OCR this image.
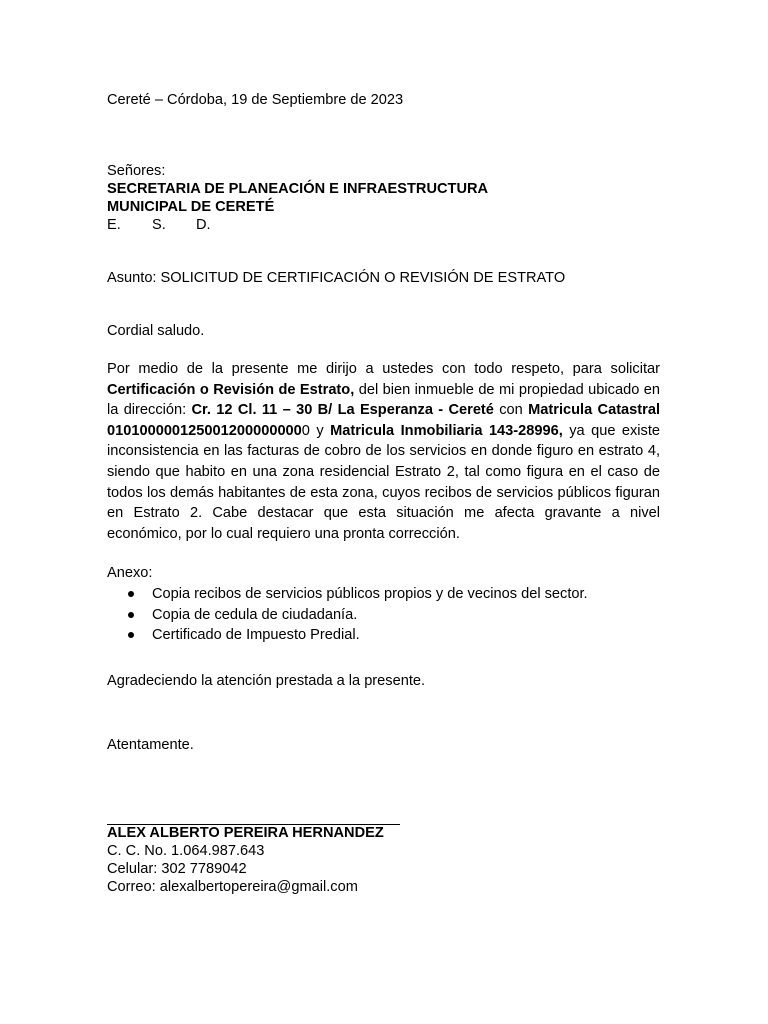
Cereté – Córdoba, 19 de Septiembre de 2023
Señores:
SECRETARIA DE PLANEACIÓN E INFRAESTRUCTURA
MUNICIPAL DE CERETÉ
E. S. D.
Asunto: SOLICITUD DE CERTIFICACIÓN O REVISIÓN DE ESTRATO
Cordial saludo.

Por medio de la presente me dirijo a ustedes con todo respeto, para solicitar Certificación o Revisión de Estrato, del bien inmueble de mi propiedad ubicado en la dirección: Cr. 12 Cl. 11 – 30 B/ La Esperanza - Cereté con Matricula Catastral 0101000001250012000000000 y Matricula Inmobiliaria 143-28996, ya que existe inconsistencia en las facturas de cobro de los servicios en donde figuro en estrato 4, siendo que habito en una zona residencial Estrato 2, tal como figura en el caso de todos los demás habitantes de esta zona, cuyos recibos de servicios públicos figuran en Estrato 2. Cabe destacar que esta situación me afecta gravante a nivel económico, por lo cual requiero una pronta corrección.

Anexo:
Copia recibos de servicios públicos propios y de vecinos del sector.
Copia de cedula de ciudadanía.
Certificado de Impuesto Predial.
Agradeciendo la atención prestada a la presente.
Atentamente.
ALEX ALBERTO PEREIRA HERNANDEZ
C. C. No. 1.064.987.643
Celular: 302 7789042
Correo: alexalbertopereira@gmail.com
